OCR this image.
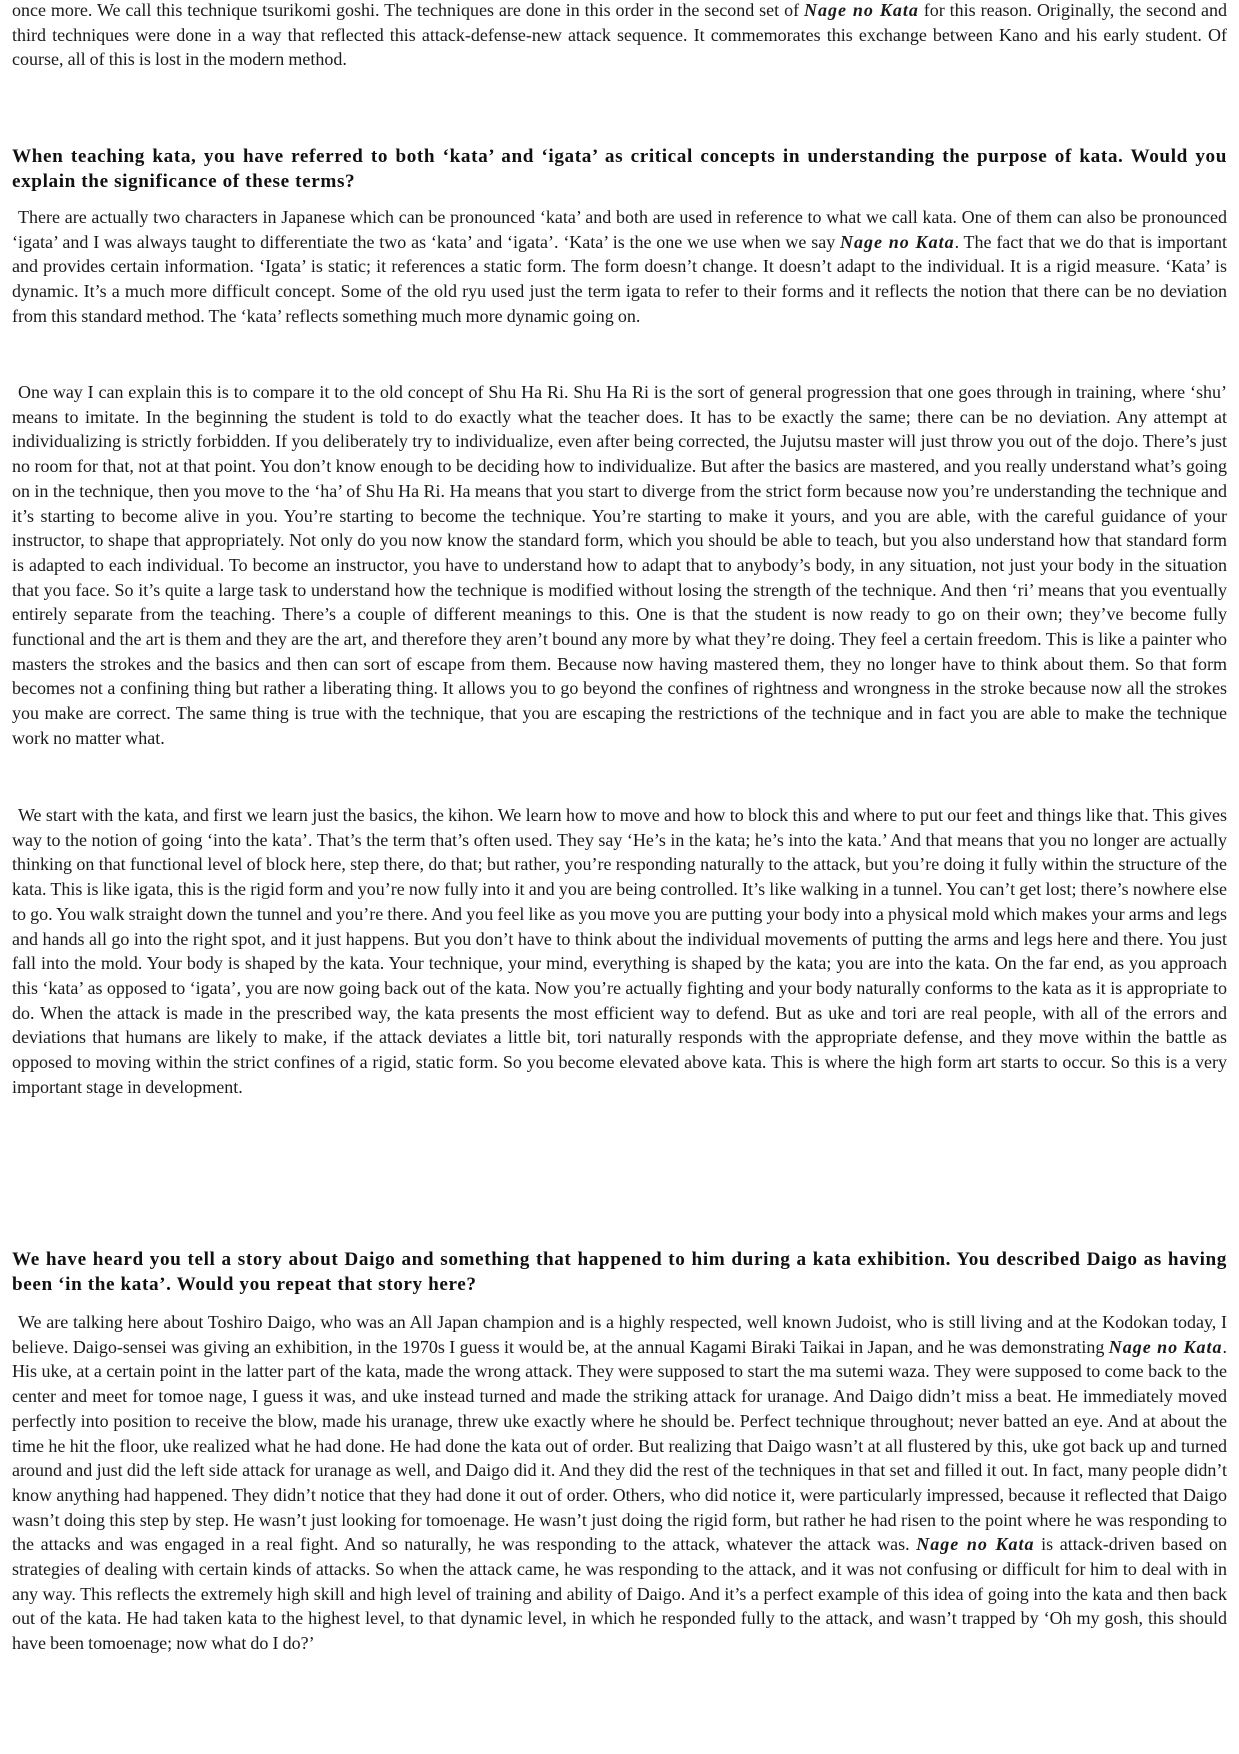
once more. We call this technique tsurikomi goshi. The techniques are done in this order in the second set of Nage no Kata for this reason. Originally, the second and third techniques were done in a way that reflected this attack-defense-new attack sequence. It commemorates this exchange between Kano and his early student. Of course, all of this is lost in the modern method.

When teaching kata, you have referred to both ‘kata’ and ‘igata’ as critical concepts in understanding the purpose of kata. Would you explain the significance of these terms?

There are actually two characters in Japanese which can be pronounced ‘kata’ and both are used in reference to what we call kata. One of them can also be pronounced ‘igata’ and I was always taught to differentiate the two as ‘kata’ and ‘igata’. ‘Kata’ is the one we use when we say Nage no Kata. The fact that we do that is important and provides certain information. ‘Igata’ is static; it references a static form. The form doesn’t change. It doesn’t adapt to the individual. It is a rigid measure. ‘Kata’ is dynamic. It’s a much more difficult concept. Some of the old ryu used just the term igata to refer to their forms and it reflects the notion that there can be no deviation from this standard method. The ‘kata’ reflects something much more dynamic going on.

One way I can explain this is to compare it to the old concept of Shu Ha Ri. Shu Ha Ri is the sort of general progression that one goes through in training, where ‘shu’ means to imitate. In the beginning the student is told to do exactly what the teacher does. It has to be exactly the same; there can be no deviation. Any attempt at individualizing is strictly forbidden. If you deliberately try to individualize, even after being corrected, the Jujutsu master will just throw you out of the dojo. There’s just no room for that, not at that point. You don’t know enough to be deciding how to individualize. But after the basics are mastered, and you really understand what’s going on in the technique, then you move to the ‘ha’ of Shu Ha Ri. Ha means that you start to diverge from the strict form because now you’re understanding the technique and it’s starting to become alive in you. You’re starting to become the technique. You’re starting to make it yours, and you are able, with the careful guidance of your instructor, to shape that appropriately. Not only do you now know the standard form, which you should be able to teach, but you also understand how that standard form is adapted to each individual. To become an instructor, you have to understand how to adapt that to anybody’s body, in any situation, not just your body in the situation that you face. So it’s quite a large task to understand how the technique is modified without losing the strength of the technique. And then ‘ri’ means that you eventually entirely separate from the teaching. There’s a couple of different meanings to this. One is that the student is now ready to go on their own; they’ve become fully functional and the art is them and they are the art, and therefore they aren’t bound any more by what they’re doing. They feel a certain freedom. This is like a painter who masters the strokes and the basics and then can sort of escape from them. Because now having mastered them, they no longer have to think about them. So that form becomes not a confining thing but rather a liberating thing. It allows you to go beyond the confines of rightness and wrongness in the stroke because now all the strokes you make are correct. The same thing is true with the technique, that you are escaping the restrictions of the technique and in fact you are able to make the technique work no matter what.

We start with the kata, and first we learn just the basics, the kihon. We learn how to move and how to block this and where to put our feet and things like that. This gives way to the notion of going ‘into the kata’. That’s the term that’s often used. They say ‘He’s in the kata; he’s into the kata.’ And that means that you no longer are actually thinking on that functional level of block here, step there, do that; but rather, you’re responding naturally to the attack, but you’re doing it fully within the structure of the kata. This is like igata, this is the rigid form and you’re now fully into it and you are being controlled. It’s like walking in a tunnel. You can’t get lost; there’s nowhere else to go. You walk straight down the tunnel and you’re there. And you feel like as you move you are putting your body into a physical mold which makes your arms and legs and hands all go into the right spot, and it just happens. But you don’t have to think about the individual movements of putting the arms and legs here and there. You just fall into the mold. Your body is shaped by the kata. Your technique, your mind, everything is shaped by the kata; you are into the kata. On the far end, as you approach this ‘kata’ as opposed to ‘igata’, you are now going back out of the kata. Now you’re actually fighting and your body naturally conforms to the kata as it is appropriate to do. When the attack is made in the prescribed way, the kata presents the most efficient way to defend. But as uke and tori are real people, with all of the errors and deviations that humans are likely to make, if the attack deviates a little bit, tori naturally responds with the appropriate defense, and they move within the battle as opposed to moving within the strict confines of a rigid, static form. So you become elevated above kata. This is where the high form art starts to occur. So this is a very important stage in development.

We have heard you tell a story about Daigo and something that happened to him during a kata exhibition. You described Daigo as having been ‘in the kata’. Would you repeat that story here?

We are talking here about Toshiro Daigo, who was an All Japan champion and is a highly respected, well known Judoist, who is still living and at the Kodokan today, I believe. Daigo-sensei was giving an exhibition, in the 1970s I guess it would be, at the annual Kagami Biraki Taikai in Japan, and he was demonstrating Nage no Kata. His uke, at a certain point in the latter part of the kata, made the wrong attack. They were supposed to start the ma sutemi waza. They were supposed to come back to the center and meet for tomoe nage, I guess it was, and uke instead turned and made the striking attack for uranage. And Daigo didn’t miss a beat. He immediately moved perfectly into position to receive the blow, made his uranage, threw uke exactly where he should be. Perfect technique throughout; never batted an eye. And at about the time he hit the floor, uke realized what he had done. He had done the kata out of order. But realizing that Daigo wasn’t at all flustered by this, uke got back up and turned around and just did the left side attack for uranage as well, and Daigo did it. And they did the rest of the techniques in that set and filled it out. In fact, many people didn’t know anything had happened. They didn’t notice that they had done it out of order. Others, who did notice it, were particularly impressed, because it reflected that Daigo wasn’t doing this step by step. He wasn’t just looking for tomoenage. He wasn’t just doing the rigid form, but rather he had risen to the point where he was responding to the attacks and was engaged in a real fight. And so naturally, he was responding to the attack, whatever the attack was. Nage no Kata is attack-driven based on strategies of dealing with certain kinds of attacks. So when the attack came, he was responding to the attack, and it was not confusing or difficult for him to deal with in any way. This reflects the extremely high skill and high level of training and ability of Daigo. And it’s a perfect example of this idea of going into the kata and then back out of the kata. He had taken kata to the highest level, to that dynamic level, in which he responded fully to the attack, and wasn’t trapped by ‘Oh my gosh, this should have been tomoenage; now what do I do?’
